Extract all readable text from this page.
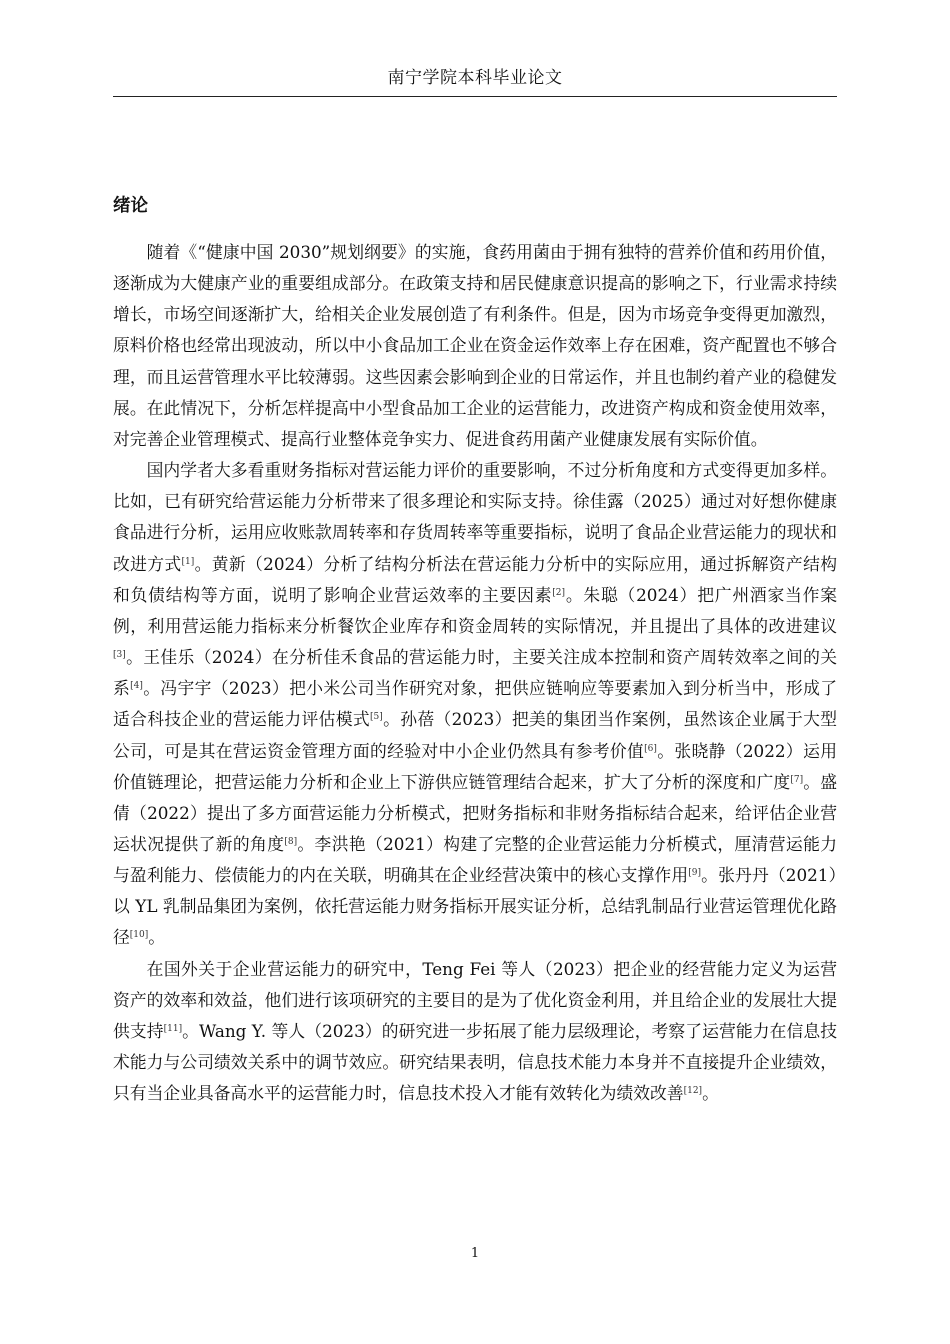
南宁学院本科毕业论文
绪论

随着《“健康中国 2030”规划纲要》的实施，食药用菌由于拥有独特的营养价值和药用价值，逐渐成为大健康产业的重要组成部分。在政策支持和居民健康意识提高的影响之下，行业需求持续增长，市场空间逐渐扩大，给相关企业发展创造了有利条件。但是，因为市场竞争变得更加激烈，原料价格也经常出现波动，所以中小食品加工企业在资金运作效率上存在困难，资产配置也不够合理，而且运营管理水平比较薄弱。这些因素会影响到企业的日常运作，并且也制约着产业的稳健发展。在此情况下，分析怎样提高中小型食品加工企业的运营能力，改进资产构成和资金使用效率，对完善企业管理模式、提高行业整体竞争实力、促进食药用菌产业健康发展有实际价值。

国内学者大多看重财务指标对营运能力评价的重要影响，不过分析角度和方式变得更加多样。比如，已有研究给营运能力分析带来了很多理论和实际支持。徐佳露（2025）通过对好想你健康食品进行分析，运用应收账款周转率和存货周转率等重要指标，说明了食品企业营运能力的现状和改进方式[1]。黄新（2024）分析了结构分析法在营运能力分析中的实际应用，通过拆解资产结构和负债结构等方面，说明了影响企业营运效率的主要因素[2]。朱聪（2024）把广州酒家当作案例，利用营运能力指标来分析餐饮企业库存和资金周转的实际情况，并且提出了具体的改进建议[3]。王佳乐（2024）在分析佳禾食品的营运能力时，主要关注成本控制和资产周转效率之间的关系[4]。冯宇宇（2023）把小米公司当作研究对象，把供应链响应等要素加入到分析当中，形成了适合科技企业的营运能力评估模式[5]。孙蓓（2023）把美的集团当作案例，虽然该企业属于大型公司，可是其在营运资金管理方面的经验对中小企业仍然具有参考价值[6]。张晓静（2022）运用价值链理论，把营运能力分析和企业上下游供应链管理结合起来，扩大了分析的深度和广度[7]。盛倩（2022）提出了多方面营运能力分析模式，把财务指标和非财务指标结合起来，给评估企业营运状况提供了新的角度[8]。李洪艳（2021）构建了完整的企业营运能力分析模式，厘清营运能力与盈利能力、偿债能力的内在关联，明确其在企业经营决策中的核心支撑作用[9]。张丹丹（2021）以 YL 乳制品集团为案例，依托营运能力财务指标开展实证分析，总结乳制品行业营运管理优化路径[10]。

在国外关于企业营运能力的研究中，Teng Fei 等人（2023）把企业的经营能力定义为运营资产的效率和效益，他们进行该项研究的主要目的是为了优化资金利用，并且给企业的发展壮大提供支持[11]。Wang Y. 等人（2023）的研究进一步拓展了能力层级理论，考察了运营能力在信息技术能力与公司绩效关系中的调节效应。研究结果表明，信息技术能力本身并不直接提升企业绩效，只有当企业具备高水平的运营能力时，信息技术投入才能有效转化为绩效改善[12]。

1
